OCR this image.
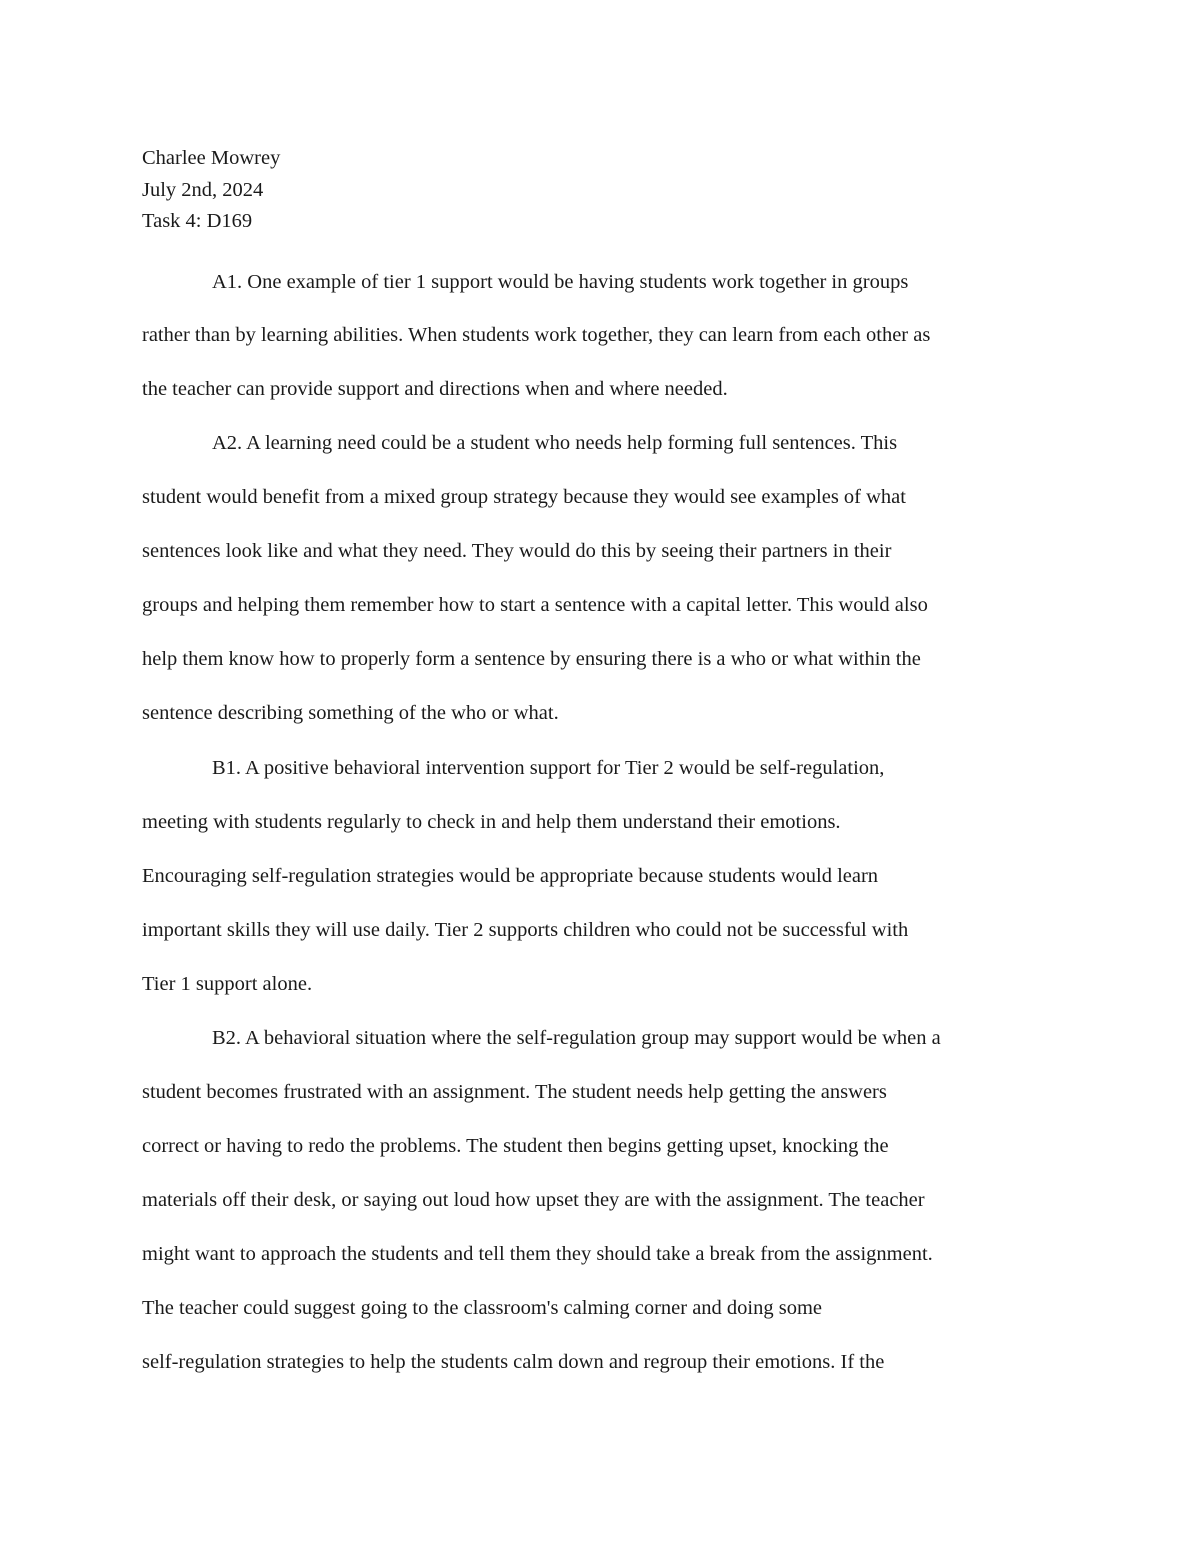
Charlee Mowrey
July 2nd, 2024
Task 4: D169
A1. One example of tier 1 support would be having students work together in groups
rather than by learning abilities. When students work together, they can learn from each other as
the teacher can provide support and directions when and where needed.
A2. A learning need could be a student who needs help forming full sentences. This
student would benefit from a mixed group strategy because they would see examples of what
sentences look like and what they need. They would do this by seeing their partners in their
groups and helping them remember how to start a sentence with a capital letter. This would also
help them know how to properly form a sentence by ensuring there is a who or what within the
sentence describing something of the who or what.
B1. A positive behavioral intervention support for Tier 2 would be self-regulation,
meeting with students regularly to check in and help them understand their emotions.
Encouraging self-regulation strategies would be appropriate because students would learn
important skills they will use daily. Tier 2 supports children who could not be successful with
Tier 1 support alone.
B2. A behavioral situation where the self-regulation group may support would be when a
student becomes frustrated with an assignment. The student needs help getting the answers
correct or having to redo the problems. The student then begins getting upset, knocking the
materials off their desk, or saying out loud how upset they are with the assignment. The teacher
might want to approach the students and tell them they should take a break from the assignment.
The teacher could suggest going to the classroom's calming corner and doing some
self-regulation strategies to help the students calm down and regroup their emotions. If the
